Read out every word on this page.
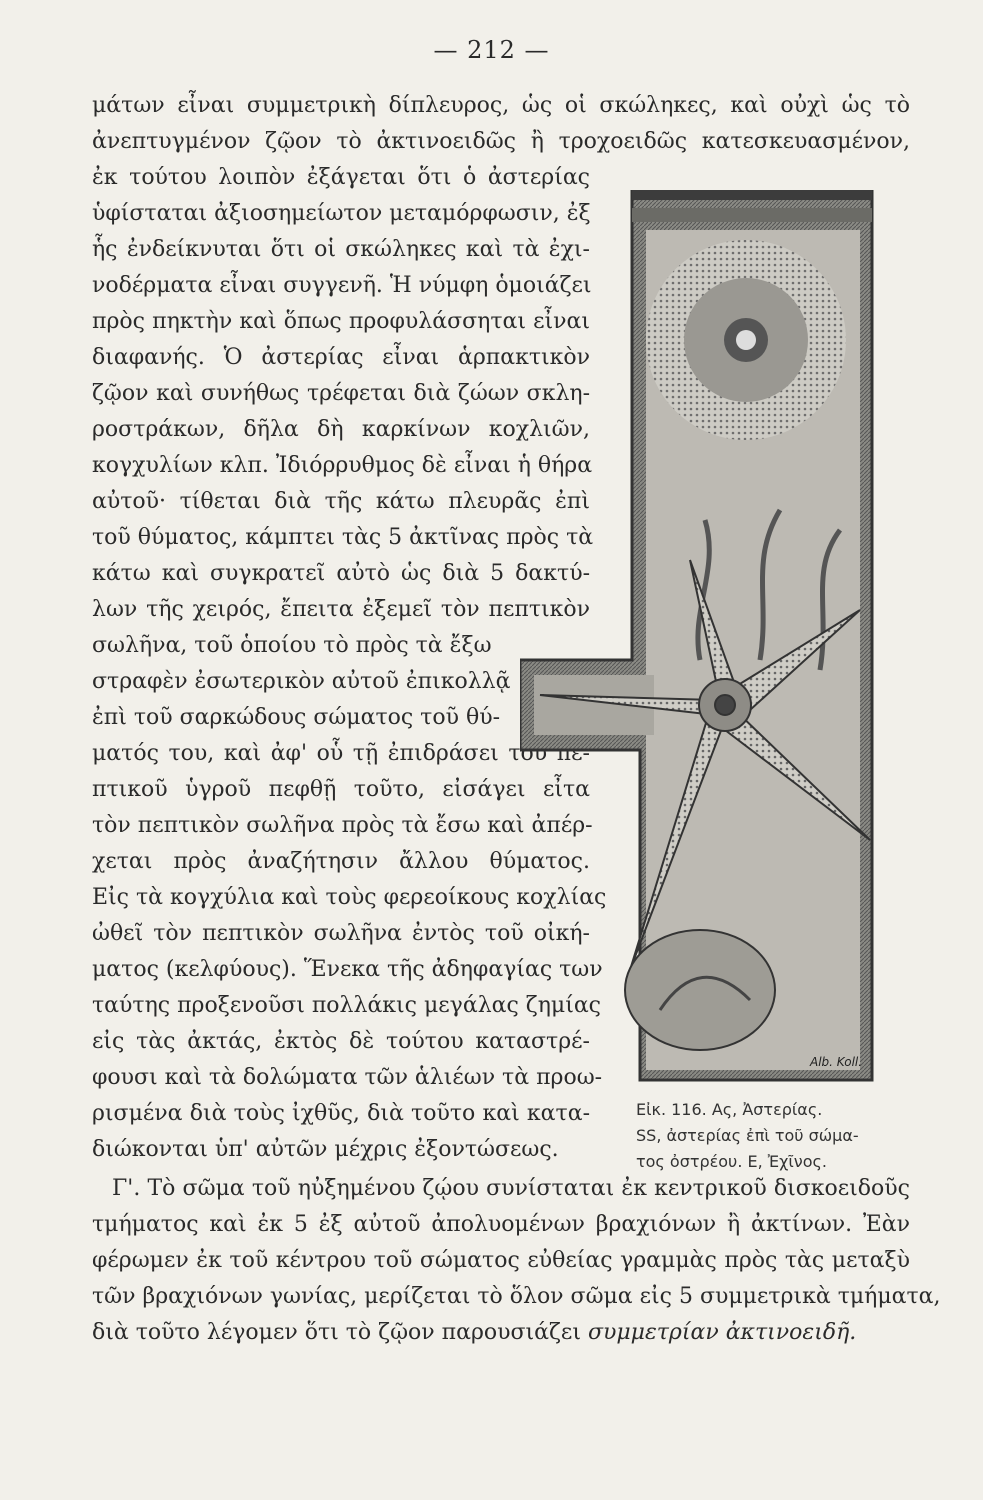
— 212 —
μάτων εἶναι συμμετρικὴ δίπλευρος, ὡς οἱ σκώληκες, καὶ οὐχὶ ὡς τὸ
ἀνεπτυγμένον ζῷον τὸ ἀκτινοειδῶς ἢ τροχοειδῶς κατεσκευασμένον,
ἐκ τούτου λοιπὸν ἐξάγεται ὅτι ὁ ἀστερίας
ὑφίσταται ἀξιοσημείωτον μεταμόρφωσιν, ἐξ
ἧς ἐνδείκνυται ὅτι οἱ σκώληκες καὶ τὰ ἐχι-
νοδέρματα εἶναι συγγενῆ. Ἡ νύμφη ὁμοιάζει
πρὸς πηκτὴν καὶ ὅπως προφυλάσσηται εἶναι
διαφανής. Ὁ ἀστερίας εἶναι ἁρπακτικὸν
ζῷον καὶ συνήθως τρέφεται διὰ ζώων σκλη-
ροστράκων, δῆλα δὴ καρκίνων κοχλιῶν,
κογχυλίων κλπ. Ἰδιόρρυθμος δὲ εἶναι ἡ θήρα
αὐτοῦ· τίθεται διὰ τῆς κάτω πλευρᾶς ἐπὶ
τοῦ θύματος, κάμπτει τὰς 5 ἀκτῖνας πρὸς τὰ
κάτω καὶ συγκρατεῖ αὐτὸ ὡς διὰ 5 δακτύ-
λων τῆς χειρός, ἔπειτα ἐξεμεῖ τὸν πεπτικὸν
σωλῆνα, τοῦ ὁποίου τὸ πρὸς τὰ ἔξω
στραφὲν ἐσωτερικὸν αὐτοῦ ἐπικολλᾷ
ἐπὶ τοῦ σαρκώδους σώματος τοῦ θύ-
ματός του, καὶ ἀφ' οὗ τῇ ἐπιδράσει τοῦ πε-
πτικοῦ ὑγροῦ πεφθῇ τοῦτο, εἰσάγει εἶτα
τὸν πεπτικὸν σωλῆνα πρὸς τὰ ἔσω καὶ ἀπέρ-
χεται πρὸς ἀναζήτησιν ἄλλου θύματος.
Εἰς τὰ κογχύλια καὶ τοὺς φερεοίκους κοχλίας
ὠθεῖ τὸν πεπτικὸν σωλῆνα ἐντὸς τοῦ οἰκή-
ματος (κελφύους). Ἕνεκα τῆς ἀδηφαγίας των
ταύτης προξενοῦσι πολλάκις μεγάλας ζημίας
εἰς τὰς ἀκτάς, ἐκτὸς δὲ τούτου καταστρέ-
φουσι καὶ τὰ δολώματα τῶν ἁλιέων τὰ προω-
ρισμένα διὰ τοὺς ἰχθῦς, διὰ τοῦτο καὶ κατα-
διώκονται ὑπ' αὐτῶν μέχρις ἐξοντώσεως.
Γ'. Τὸ σῶμα τοῦ ηὐξημένου ζῴου συνίσταται ἐκ κεντρικοῦ δισκοειδοῦς
τμήματος καὶ ἐκ 5 ἐξ αὐτοῦ ἀπολυομένων βραχιόνων ἢ ἀκτίνων. Ἐὰν
φέρωμεν ἐκ τοῦ κέντρου τοῦ σώματος εὐθείας γραμμὰς πρὸς τὰς μεταξὺ
τῶν βραχιόνων γωνίας, μερίζεται τὸ ὅλον σῶμα εἰς 5 συμμετρικὰ τμήματα,
Alb. Koll.
Εἰκ. 116. Ας, Ἀστερίας.
SS, ἀστερίας ἐπὶ τοῦ σώμα-
τος ὀστρέου. Ε, Ἐχῖνος.
διὰ τοῦτο λέγομεν ὅτι τὸ ζῷον παρουσιάζει συμμετρίαν ἀκτινοειδῆ.
